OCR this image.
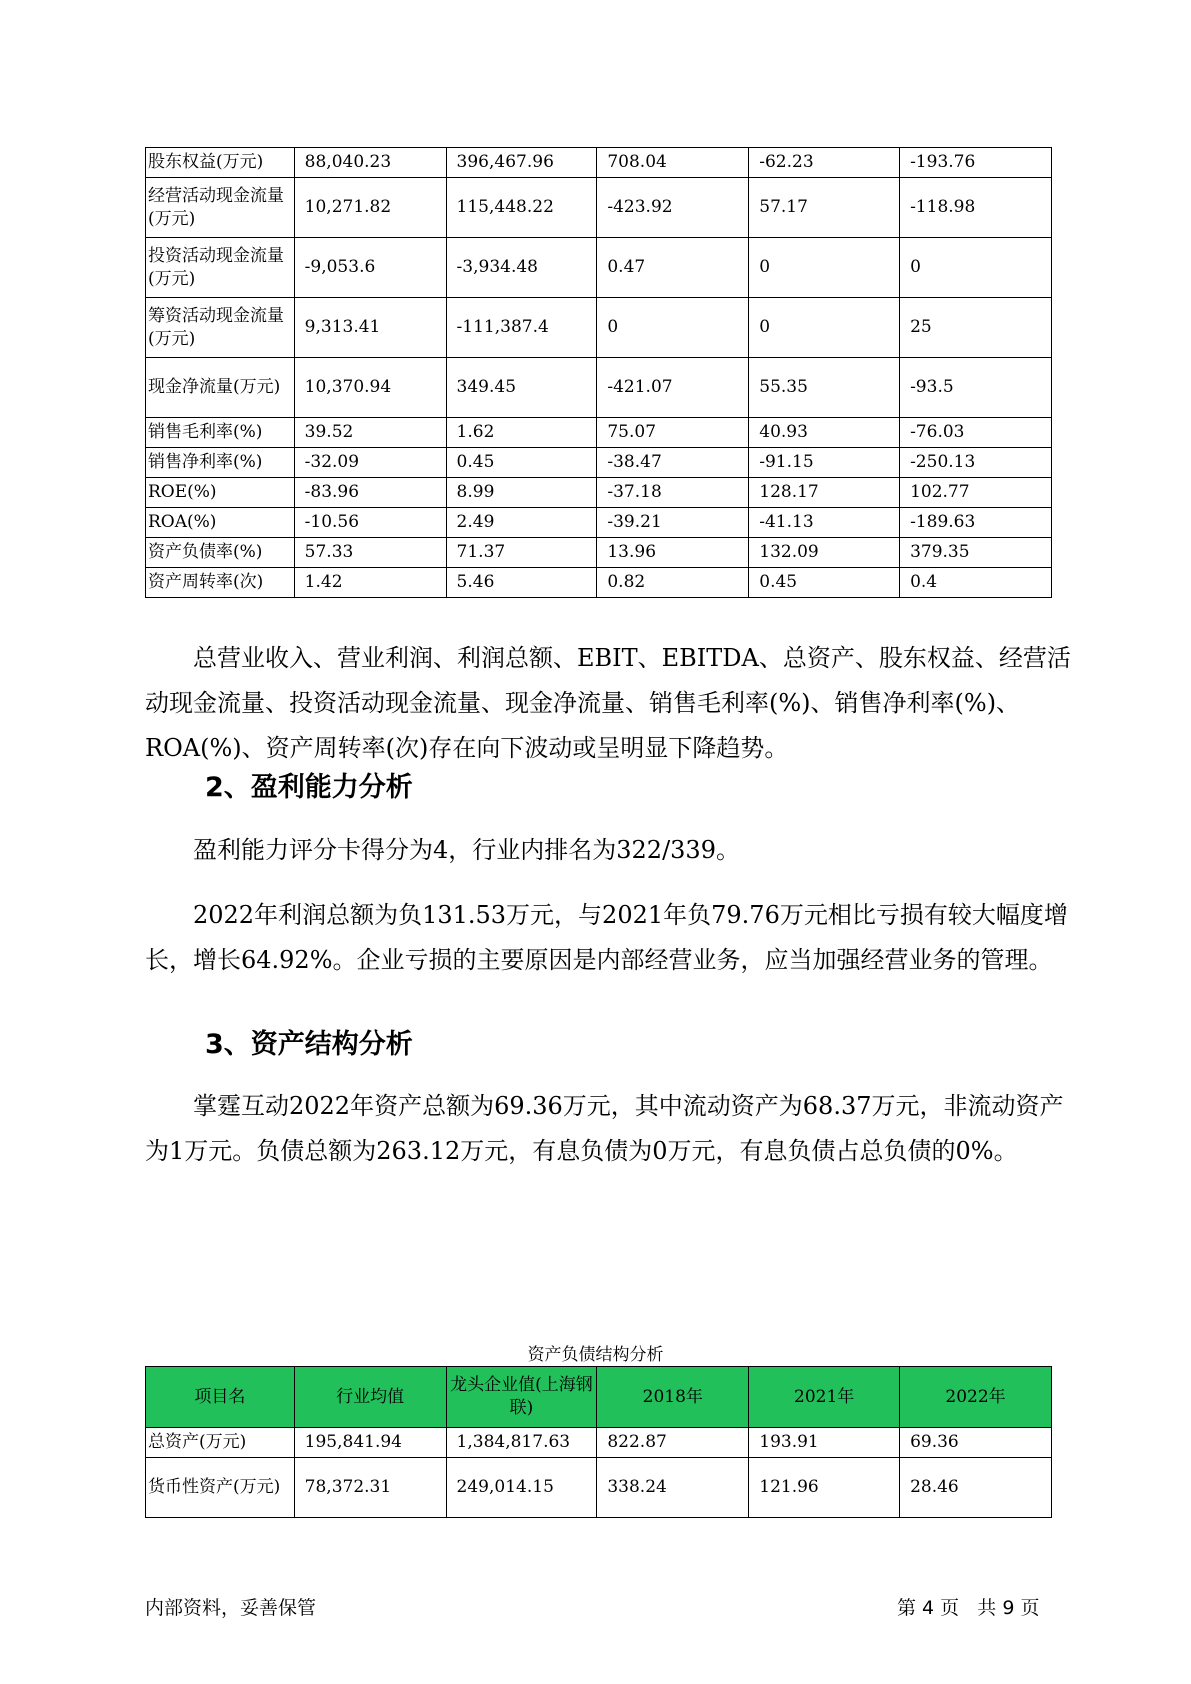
股东权益(万元)	88,040.23	396,467.96	708.04	-62.23	-193.76
经营活动现金流量(万元)	10,271.82	115,448.22	-423.92	57.17	-118.98
投资活动现金流量(万元)	-9,053.6	-3,934.48	0.47	0	0
筹资活动现金流量(万元)	9,313.41	-111,387.4	0	0	25
现金净流量(万元)	10,370.94	349.45	-421.07	55.35	-93.5
销售毛利率(%)	39.52	1.62	75.07	40.93	-76.03
销售净利率(%)	-32.09	0.45	-38.47	-91.15	-250.13
ROE(%)	-83.96	8.99	-37.18	128.17	102.77
ROA(%)	-10.56	2.49	-39.21	-41.13	-189.63
资产负债率(%)	57.33	71.37	13.96	132.09	379.35
资产周转率(次)	1.42	5.46	0.82	0.45	0.4

总营业收入、营业利润、利润总额、EBIT、EBITDA、总资产、股东权益、经营活动现金流量、投资活动现金流量、现金净流量、销售毛利率(%)、销售净利率(%)、ROA(%)、资产周转率(次)存在向下波动或呈明显下降趋势。

2、盈利能力分析

盈利能力评分卡得分为4，行业内排名为322/339。

2022年利润总额为负131.53万元，与2021年负79.76万元相比亏损有较大幅度增长，增长64.92%。企业亏损的主要原因是内部经营业务，应当加强经营业务的管理。

3、资产结构分析

掌霆互动2022年资产总额为69.36万元，其中流动资产为68.37万元，非流动资产为1万元。负债总额为263.12万元，有息负债为0万元，有息负债占总负债的0%。

资产负债结构分析
项目名	行业均值	龙头企业值(上海钢联)	2018年	2021年	2022年
总资产(万元)	195,841.94	1,384,817.63	822.87	193.91	69.36
货币性资产(万元)	78,372.31	249,014.15	338.24	121.96	28.46
内部资料，妥善保管	第 4 页   共 9 页
